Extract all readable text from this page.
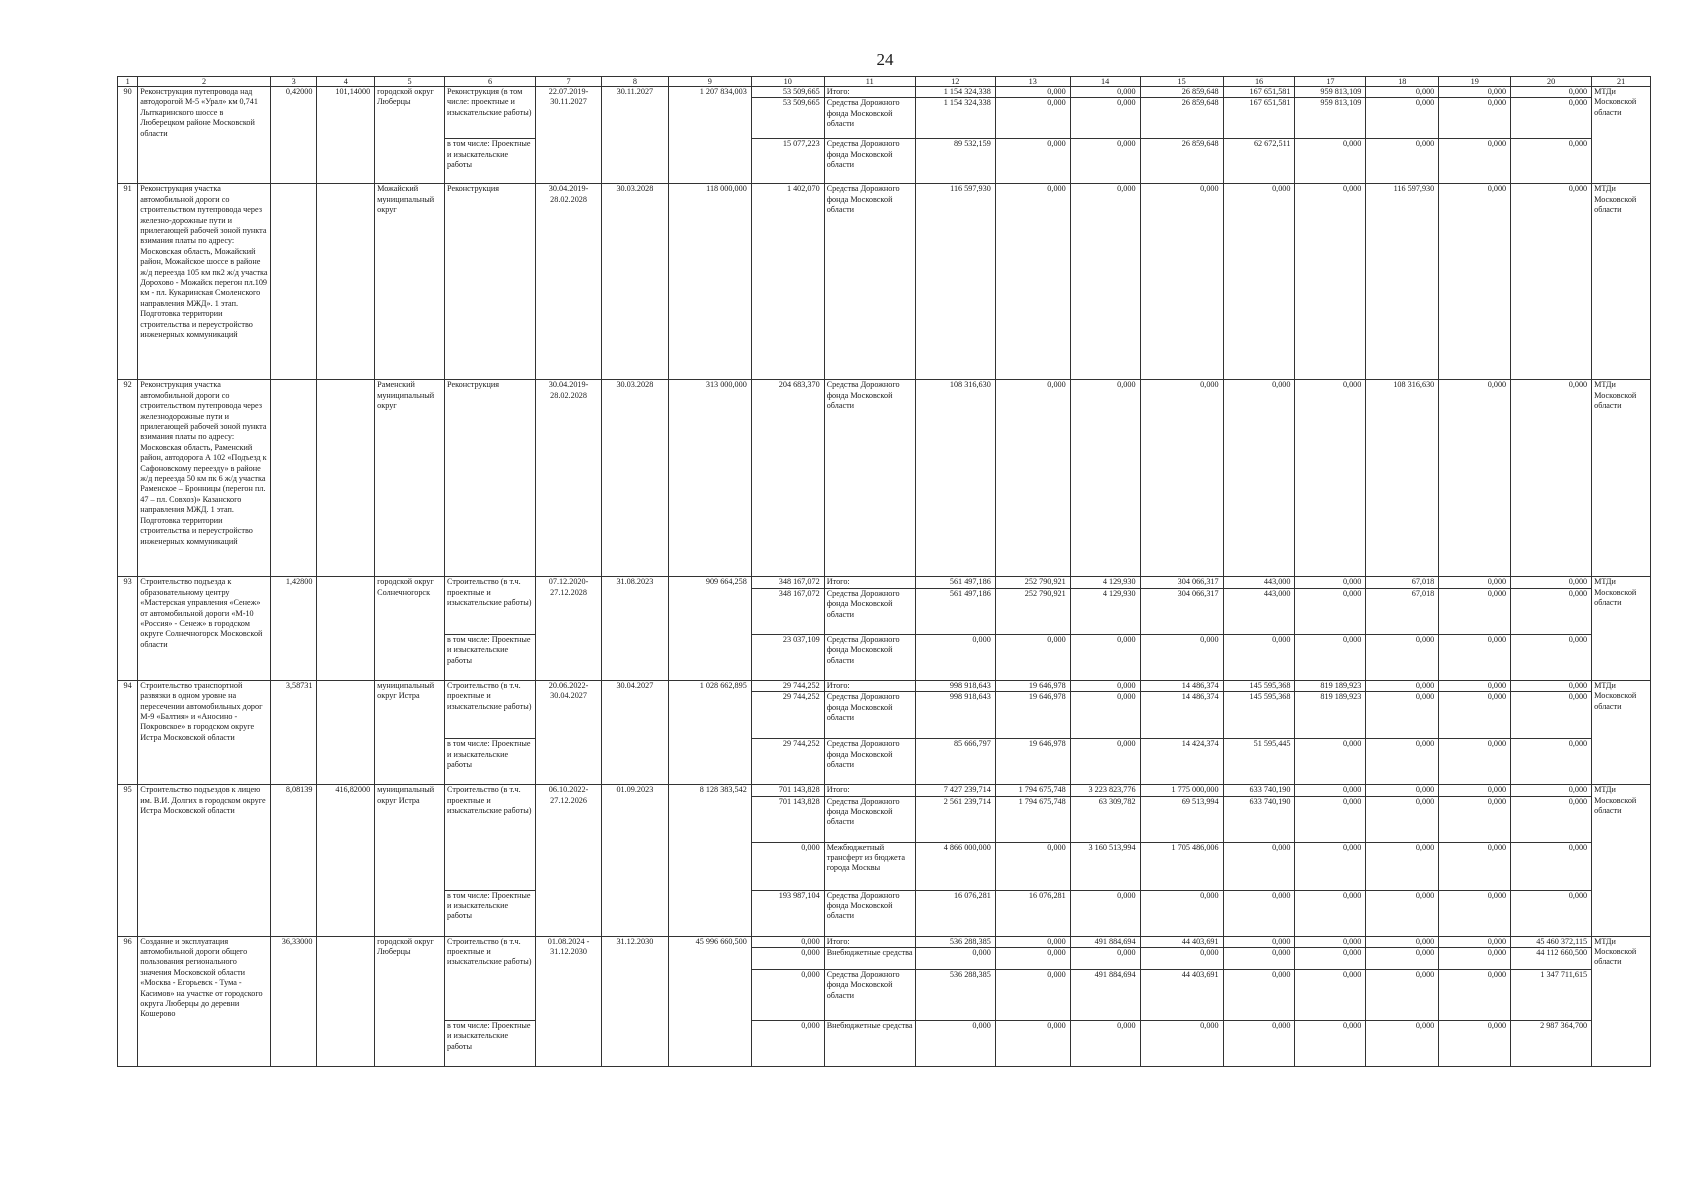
24
1	2	3	4	5	6	7	8	9	10	11	12	13	14	15	16	17	18	19	20	21
90	Реконструкция путепровода над автодорогой М-5 «Урал» км 0,741 Лыткаринского шоссе в Люберецком районе Московской области	0,42000	101,14000	городской округ Люберцы	Реконструкция (в том числе: проектные и изыскательские работы)	22.07.2019-30.11.2027	30.11.2027	1 207 834,003	53 509,665	Итого:	1 154 324,338	0,000	0,000	26 859,648	167 651,581	959 813,109	0,000	0,000	0,000	МТДи Московской области
									53 509,665	Средства Дорожного фонда Московской области	1 154 324,338	0,000	0,000	26 859,648	167 651,581	959 813,109	0,000	0,000	0,000	
					в том числе: Проектные и изыскательские работы				15 077,223	Средства Дорожного фонда Московской области	89 532,159	0,000	0,000	26 859,648	62 672,511	0,000	0,000	0,000	0,000	
91	Реконструкция участка автомобильной дороги со строительством путепровода через железно-дорожные пути и прилегающей рабочей зоной пункта взимания платы по адресу: Московская область, Можайский район, Можайское шоссе в районе ж/д переезда 105 км пк2 ж/д участка Дорохово - Можайск перегон пл.109 км - пл. Кукаринская Смоленского направления МЖД». 1 этап. Подготовка территории строительства и переустройство инженерных коммуникаций			Можайский муниципальный округ	Реконструкция	30.04.2019-28.02.2028	30.03.2028	118 000,000	1 402,070	Средства Дорожного фонда Московской области	116 597,930	0,000	0,000	0,000	0,000	0,000	116 597,930	0,000	0,000	МТДи Московской области
92	Реконструкция участка автомобильной дороги со строительством путепровода через железнодорожные пути и прилегающей рабочей зоной пункта взимания платы по адресу: Московская область, Раменский район, автодорога А 102 «Подъезд к Сафоновскому переезду» в районе ж/д переезда 50 км пк 6 ж/д участка Раменское – Бронницы (перегон пл. 47 – пл. Совхоз)» Казанского направления МЖД. 1 этап. Подготовка территории строительства и переустройство инженерных коммуникаций			Раменский муниципальный округ	Реконструкция	30.04.2019-28.02.2028	30.03.2028	313 000,000	204 683,370	Средства Дорожного фонда Московской области	108 316,630	0,000	0,000	0,000	0,000	0,000	108 316,630	0,000	0,000	МТДи Московской области
93	Строительство подъезда к образовательному центру «Мастерская управления «Сенеж» от автомобильной дороги «М-10 «Россия» - Сенеж» в городском округе Солнечногорск Московской области	1,42800		городской округ Солнечногорск	Строительство (в т.ч. проектные и изыскательские работы)	07.12.2020-27.12.2028	31.08.2023	909 664,258	348 167,072	Итого:	561 497,186	252 790,921	4 129,930	304 066,317	443,000	0,000	67,018	0,000	0,000	МТДи Московской области
									348 167,072	Средства Дорожного фонда Московской области	561 497,186	252 790,921	4 129,930	304 066,317	443,000	0,000	67,018	0,000	0,000	
					в том числе: Проектные и изыскательские работы				23 037,109	Средства Дорожного фонда Московской области	0,000	0,000	0,000	0,000	0,000	0,000	0,000	0,000	0,000	
94	Строительство транспортной развязки в одном уровне на пересечении автомобильных дорог М-9 «Балтия» и «Аносино - Покровское» в городском округе Истра Московской области	3,58731		муниципальный округ Истра	Строительство (в т.ч. проектные и изыскательские работы)	20.06.2022-30.04.2027	30.04.2027	1 028 662,895	29 744,252	Итого:	998 918,643	19 646,978	0,000	14 486,374	145 595,368	819 189,923	0,000	0,000	0,000	МТДи Московской области
									29 744,252	Средства Дорожного фонда Московской области	998 918,643	19 646,978	0,000	14 486,374	145 595,368	819 189,923	0,000	0,000	0,000	
					в том числе: Проектные и изыскательские работы				29 744,252	Средства Дорожного фонда Московской области	85 666,797	19 646,978	0,000	14 424,374	51 595,445	0,000	0,000	0,000	0,000	
95	Строительство подъездов к лицею им. В.И. Долгих в городском округе Истра Московской области	8,08139	416,82000	муниципальный округ Истра	Строительство (в т.ч. проектные и изыскательские работы)	06.10.2022-27.12.2026	01.09.2023	8 128 383,542	701 143,828	Итого:	7 427 239,714	1 794 675,748	3 223 823,776	1 775 000,000	633 740,190	0,000	0,000	0,000	0,000	МТДи Московской области
									701 143,828	Средства Дорожного фонда Московской области	2 561 239,714	1 794 675,748	63 309,782	69 513,994	633 740,190	0,000	0,000	0,000	0,000	
									0,000	Межбюджетный трансферт из бюджета города Москвы	4 866 000,000	0,000	3 160 513,994	1 705 486,006	0,000	0,000	0,000	0,000	0,000	
					в том числе: Проектные и изыскательские работы				193 987,104	Средства Дорожного фонда Московской области	16 076,281	16 076,281	0,000	0,000	0,000	0,000	0,000	0,000	0,000	
96	Создание и эксплуатация автомобильной дороги общего пользования регионального значения Московской области «Москва - Егорьевск - Тума - Касимов» на участке от городского округа Люберцы до деревни Кошерово	36,33000		городской округ Люберцы	Строительство (в т.ч. проектные и изыскательские работы)	01.08.2024 - 31.12.2030	31.12.2030	45 996 660,500	0,000	Итого:	536 288,385	0,000	491 884,694	44 403,691	0,000	0,000	0,000	0,000	45 460 372,115	МТДи Московской области
									0,000	Внебюджетные средства	0,000	0,000	0,000	0,000	0,000	0,000	0,000	0,000	44 112 660,500	
									0,000	Средства Дорожного фонда Московской области	536 288,385	0,000	491 884,694	44 403,691	0,000	0,000	0,000	0,000	1 347 711,615	
					в том числе: Проектные и изыскательские работы				0,000	Внебюджетные средства	0,000	0,000	0,000	0,000	0,000	0,000	0,000	0,000	2 987 364,700	
